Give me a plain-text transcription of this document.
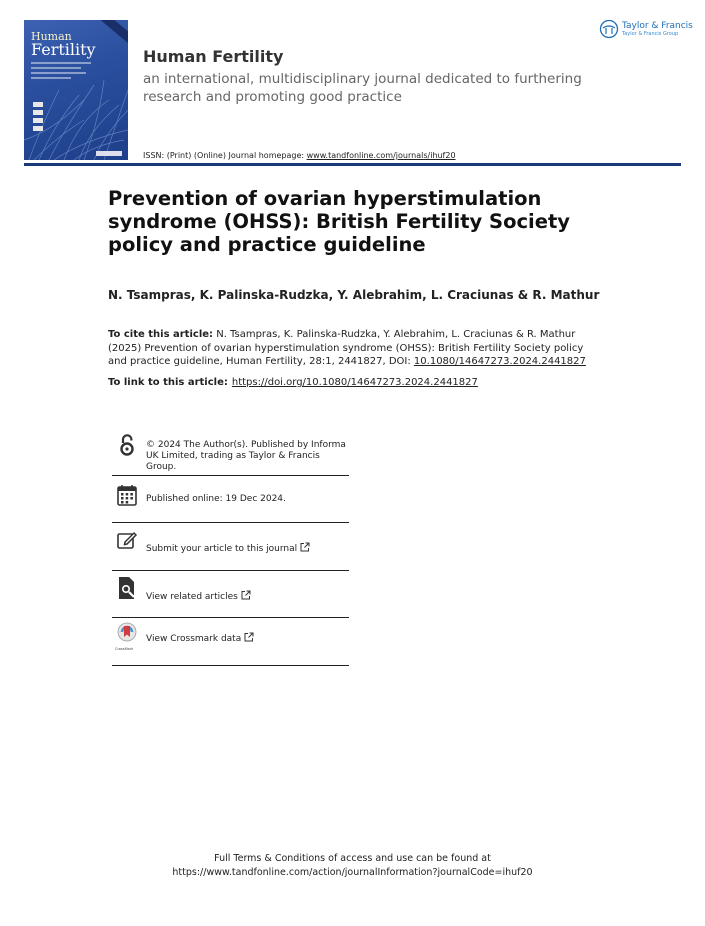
Human
Fertility	Human Fertility
an international, multidisciplinary journal dedicated to furthering research and promoting good practice
ISSN: (Print) (Online) Journal homepage: www.tandfonline.com/journals/ihuf20
Taylor & Francis
Taylor & Francis Group
Prevention of ovarian hyperstimulation syndrome (OHSS): British Fertility Society policy and practice guideline
N. Tsampras, K. Palinska-Rudzka, Y. Alebrahim, L. Craciunas & R. Mathur
To cite this article: N. Tsampras, K. Palinska-Rudzka, Y. Alebrahim, L. Craciunas & R. Mathur (2025) Prevention of ovarian hyperstimulation syndrome (OHSS): British Fertility Society policy and practice guideline, Human Fertility, 28:1, 2441827, DOI: 10.1080/14647273.2024.2441827
To link to this article: https://doi.org/10.1080/14647273.2024.2441827
© 2024 The Author(s). Published by Informa UK Limited, trading as Taylor & Francis Group.
Published online: 19 Dec 2024.
Submit your article to this journal
View related articles
View Crossmark data
CrossMark
Full Terms & Conditions of access and use can be found at
https://www.tandfonline.com/action/journalInformation?journalCode=ihuf20
